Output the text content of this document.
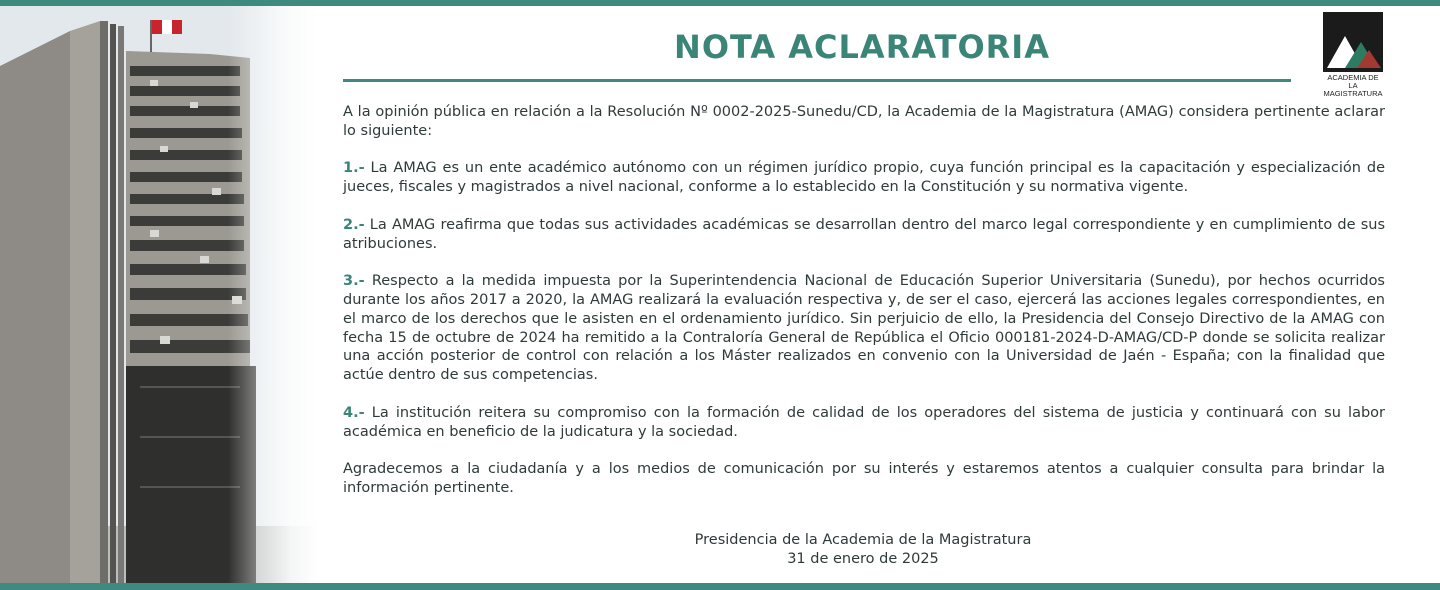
NOTA ACLARATORIA
ACADEMIA DE
LA MAGISTRATURA

A la opinión pública en relación a la Resolución Nº 0002-2025-Sunedu/CD, la Academia de la Magistratura (AMAG) considera pertinente aclarar lo siguiente:

1.- La AMAG es un ente académico autónomo con un régimen jurídico propio, cuya función principal es la capacitación y especialización de jueces, fiscales y magistrados a nivel nacional, conforme a lo establecido en la Constitución y su normativa vigente.

2.- La AMAG reafirma que todas sus actividades académicas se desarrollan dentro del marco legal correspondiente y en cumplimiento de sus atribuciones.

3.- Respecto a la medida impuesta por la Superintendencia Nacional de Educación Superior Universitaria (Sunedu), por hechos ocurridos durante los años 2017 a 2020, la AMAG realizará la evaluación respectiva y, de ser el caso, ejercerá las acciones legales correspondientes, en el marco de los derechos que le asisten en el ordenamiento jurídico. Sin perjuicio de ello, la Presidencia del Consejo Directivo de la AMAG con fecha 15 de octubre de 2024 ha remitido a la Contraloría General de República el Oficio 000181-2024-D-AMAG/CD-P donde se solicita realizar una acción posterior de control con relación a los Máster realizados en convenio con la Universidad de Jaén - España; con la finalidad que actúe dentro de sus competencias.

4.- La institución reitera su compromiso con la formación de calidad de los operadores del sistema de justicia y continuará con su labor académica en beneficio de la judicatura y la sociedad.

Agradecemos a la ciudadanía y a los medios de comunicación por su interés y estaremos atentos a cualquier consulta para brindar la información pertinente.

Presidencia de la Academia de la Magistratura
31 de enero de 2025
